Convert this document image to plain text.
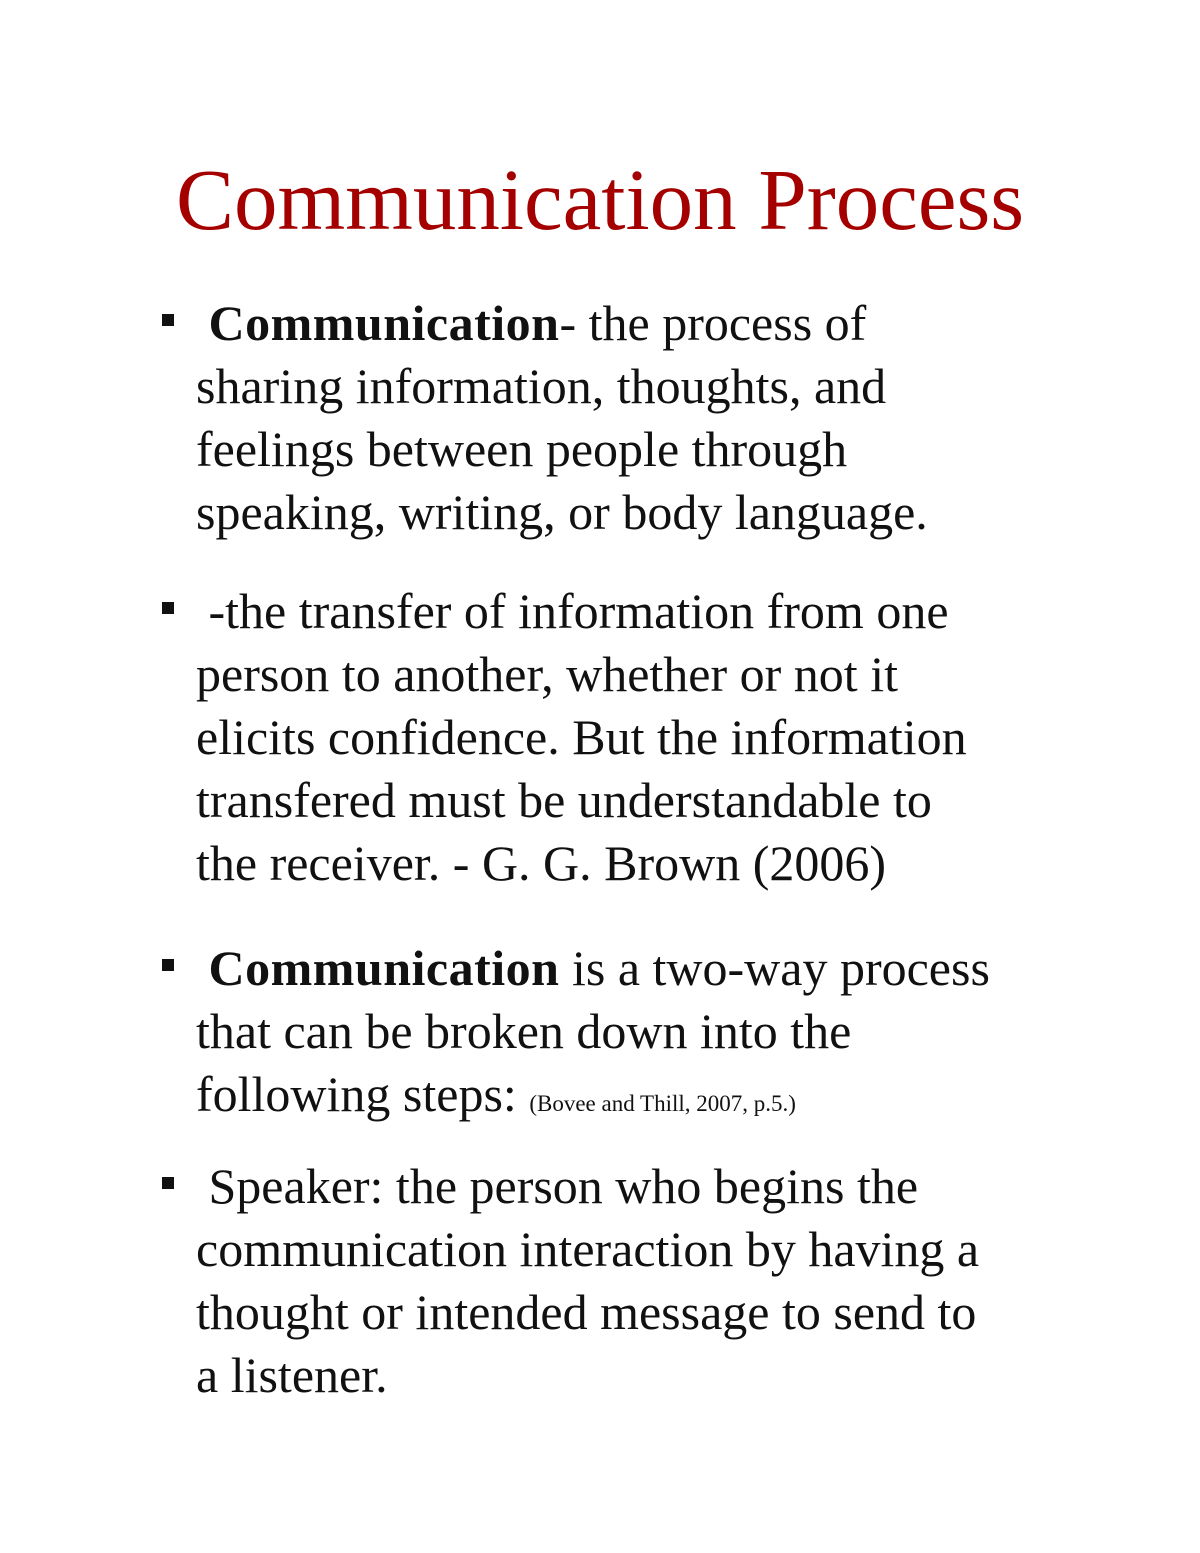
Communication Process
Communication- the process of
sharing information, thoughts, and
feelings between people through
speaking, writing, or body language.
-the transfer of information from one
person to another, whether or not it
elicits confidence. But the information
transfered must be understandable to
the receiver. - G. G. Brown (2006)
Communication is a two-way process
that can be broken down into the
following steps: (Bovee and Thill, 2007, p.5.)
Speaker: the person who begins the
communication interaction by having a
thought or intended message to send to
a listener.
